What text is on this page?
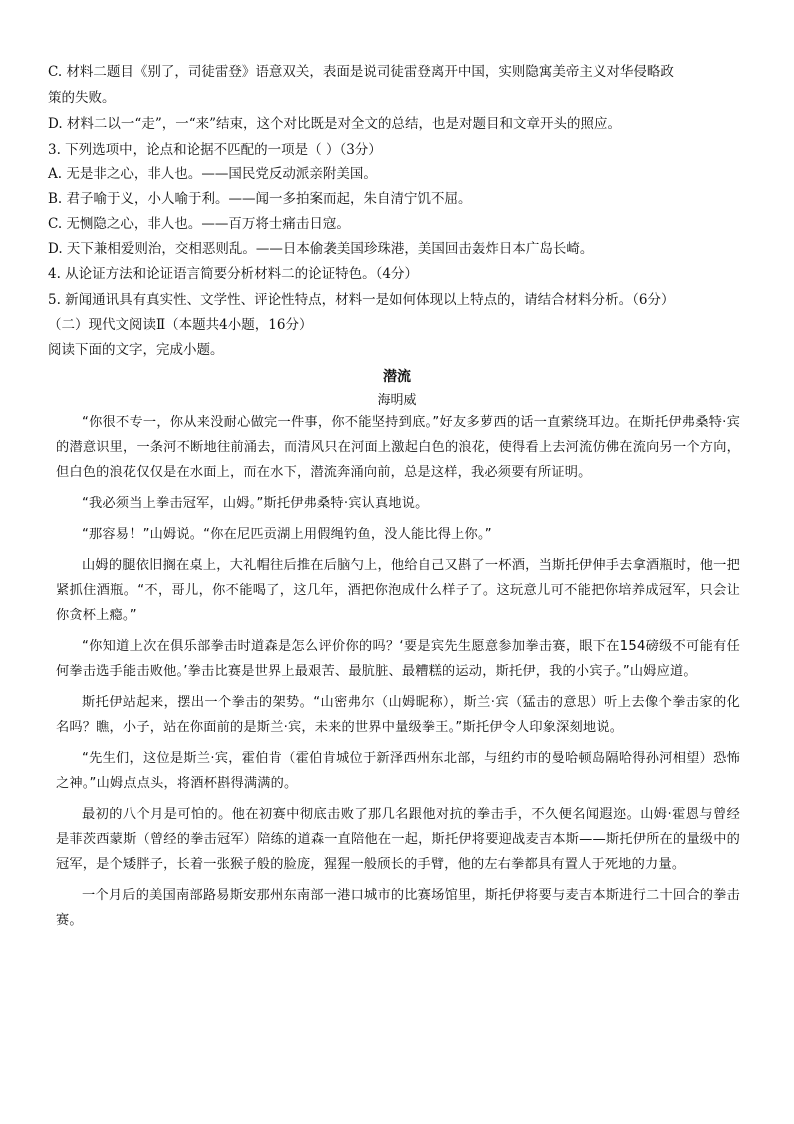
C. 材料二题目《别了，司徒雷登》语意双关，表面是说司徒雷登离开中国，实则隐寓美帝主义对华侵略政
策的失败。
D. 材料二以一“走”，一“来”结束，这个对比既是对全文的总结，也是对题目和文章开头的照应。
3. 下列选项中，论点和论据不匹配的一项是（ ）（3分）
A. 无是非之心，非人也。——国民党反动派亲附美国。
B. 君子喻于义，小人喻于利。——闻一多拍案而起，朱自清宁饥不屈。
C. 无恻隐之心，非人也。——百万将士痛击日寇。
D. 天下兼相爱则治，交相恶则乱。——日本偷袭美国珍珠港，美国回击轰炸日本广岛长崎。
4. 从论证方法和论证语言简要分析材料二的论证特色。（4分）
5. 新闻通讯具有真实性、文学性、评论性特点，材料一是如何体现以上特点的，请结合材料分析。（6分）
（二）现代文阅读Ⅱ（本题共4小题，16分）
阅读下面的文字，完成小题。
潜流
海明威

“你很不专一，你从来没耐心做完一件事，你不能坚持到底。”好友多萝西的话一直萦绕耳边。在斯托伊弗桑特·宾的潜意识里，一条河不断地往前涌去，而清风只在河面上激起白色的浪花，使得看上去河流仿佛在流向另一个方向，但白色的浪花仅仅是在水面上，而在水下，潜流奔涌向前，总是这样，我必须要有所证明。

“我必须当上拳击冠军，山姆。”斯托伊弗桑特·宾认真地说。

“那容易！”山姆说。“你在尼匹贡湖上用假绳钓鱼，没人能比得上你。”

山姆的腿依旧搁在桌上，大礼帽往后推在后脑勺上，他给自己又斟了一杯酒，当斯托伊伸手去拿酒瓶时，他一把紧抓住酒瓶。“不，哥儿，你不能喝了，这几年，酒把你泡成什么样子了。这玩意儿可不能把你培养成冠军，只会让你贪杯上瘾。”

“你知道上次在俱乐部拳击时道森是怎么评价你的吗？‘要是宾先生愿意参加拳击赛，眼下在154磅级不可能有任何拳击选手能击败他。’拳击比赛是世界上最艰苦、最肮脏、最糟糕的运动，斯托伊，我的小宾子。”山姆应道。

斯托伊站起来，摆出一个拳击的架势。“山密弗尔（山姆昵称），斯兰·宾（猛击的意思）听上去像个拳击家的化名吗？瞧，小子，站在你面前的是斯兰·宾，未来的世界中量级拳王。”斯托伊令人印象深刻地说。

“先生们，这位是斯兰·宾，霍伯肯（霍伯肯城位于新泽西州东北部，与纽约市的曼哈顿岛隔哈得孙河相望）恐怖之神。”山姆点点头，将酒杯斟得满满的。

最初的八个月是可怕的。他在初赛中彻底击败了那几名跟他对抗的拳击手，不久便名闻遐迩。山姆·霍恩与曾经是菲茨西蒙斯（曾经的拳击冠军）陪练的道森一直陪他在一起，斯托伊将要迎战麦吉本斯——斯托伊所在的量级中的冠军，是个矮胖子，长着一张猴子般的脸庞，猩猩一般颀长的手臂，他的左右拳都具有置人于死地的力量。

一个月后的美国南部路易斯安那州东南部一港口城市的比赛场馆里，斯托伊将要与麦吉本斯进行二十回合的拳击赛。
